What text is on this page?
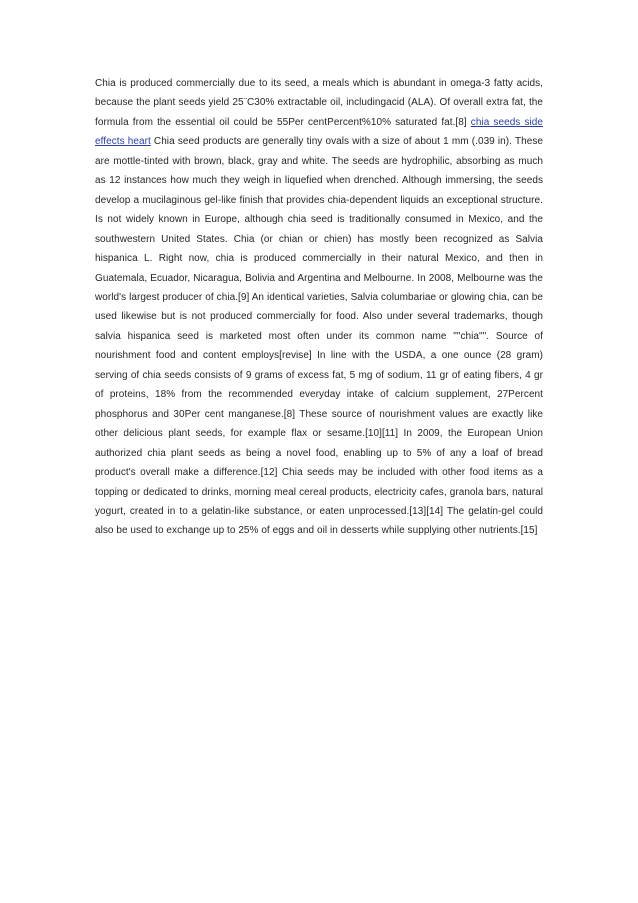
Chia is produced commercially due to its seed, a meals which is abundant in omega-3 fatty acids, because the plant seeds yield 25¨C30% extractable oil, includingacid (ALA). Of overall extra fat, the formula from the essential oil could be 55Per centPercent%10% saturated fat.[8] chia seeds side effects heart Chia seed products are generally tiny ovals with a size of about 1 mm (.039 in). These are mottle-tinted with brown, black, gray and white. The seeds are hydrophilic, absorbing as much as 12 instances how much they weigh in liquefied when drenched. Although immersing, the seeds develop a mucilaginous gel-like finish that provides chia-dependent liquids an exceptional structure. Is not widely known in Europe, although chia seed is traditionally consumed in Mexico, and the southwestern United States. Chia (or chian or chien) has mostly been recognized as Salvia hispanica L. Right now, chia is produced commercially in their natural Mexico, and then in Guatemala, Ecuador, Nicaragua, Bolivia and Argentina and Melbourne. In 2008, Melbourne was the world's largest producer of chia.[9] An identical varieties, Salvia columbariae or glowing chia, can be used likewise but is not produced commercially for food. Also under several trademarks, though salvia hispanica seed is marketed most often under its common name ""chia"". Source of nourishment food and content employs[revise] In line with the USDA, a one ounce (28 gram) serving of chia seeds consists of 9 grams of excess fat, 5 mg of sodium, 11 gr of eating fibers, 4 gr of proteins, 18% from the recommended everyday intake of calcium supplement, 27Percent phosphorus and 30Per cent manganese.[8] These source of nourishment values are exactly like other delicious plant seeds, for example flax or sesame.[10][11] In 2009, the European Union authorized chia plant seeds as being a novel food, enabling up to 5% of any a loaf of bread product's overall make a difference.[12] Chia seeds may be included with other food items as a topping or dedicated to drinks, morning meal cereal products, electricity cafes, granola bars, natural yogurt, created in to a gelatin-like substance, or eaten unprocessed.[13][14] The gelatin-gel could also be used to exchange up to 25% of eggs and oil in desserts while supplying other nutrients.[15]
